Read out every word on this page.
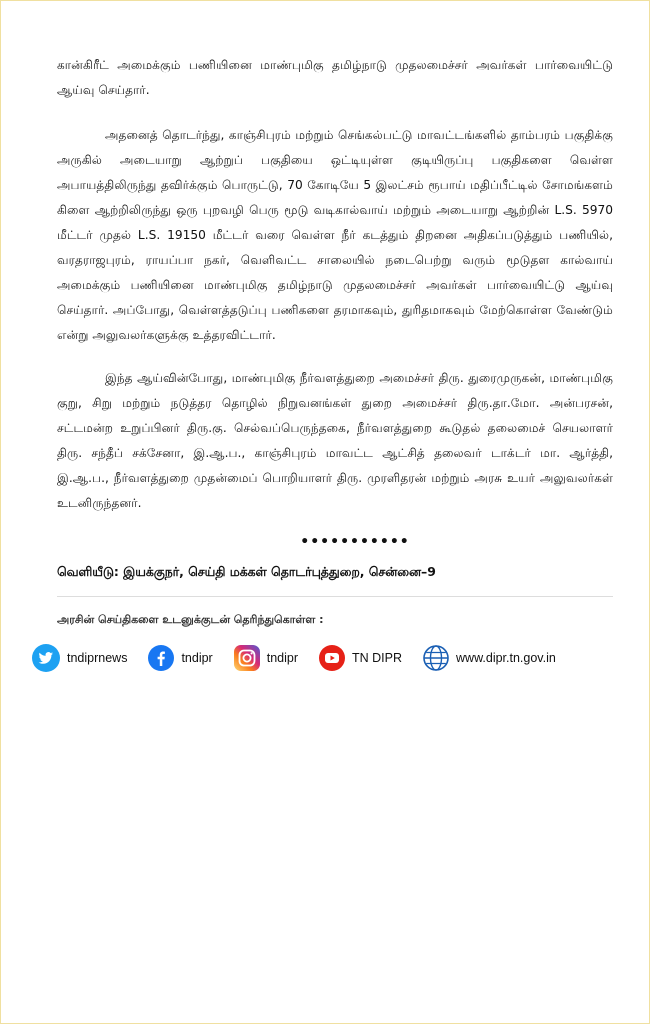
கான்கிரீட் அமைக்கும் பணியினை மாண்புமிகு தமிழ்நாடு முதலமைச்சர் அவர்கள் பார்வையிட்டு ஆய்வு செய்தார்.

அதனைத் தொடர்ந்து, காஞ்சிபுரம் மற்றும் செங்கல்பட்டு மாவட்டங்களில் தாம்பரம் பகுதிக்கு அருகில் அடையாறு ஆற்றுப் பகுதியை ஒட்டியுள்ள குடியிருப்பு பகுதிகளை வெள்ள அபாயத்திலிருந்து தவிர்க்கும் பொருட்டு, 70 கோடியே 5 இலட்சம் ரூபாய் மதிப்பீட்டில் சோமங்களம் கிளை ஆற்றிலிருந்து ஒரு புறவழி பெரு மூடு வடிகால்வாய் மற்றும் அடையாறு ஆற்றின் L.S. 5970 மீட்டர் முதல் L.S. 19150 மீட்டர் வரை வெள்ள நீர் கடத்தும் திறனை அதிகப்படுத்தும் பணியில், வரதராஜபுரம், ராயப்பா நகர், வெளிவட்ட சாலையில் நடைபெற்று வரும் மூடுதள கால்வாய் அமைக்கும் பணியினை மாண்புமிகு தமிழ்நாடு முதலமைச்சர் அவர்கள் பார்வையிட்டு ஆய்வு செய்தார். அப்போது, வெள்ளத்தடுப்பு பணிகளை தரமாகவும், துரிதமாகவும் மேற்கொள்ள வேண்டும் என்று அலுவலர்களுக்கு உத்தரவிட்டார்.

இந்த ஆய்வின்போது, மாண்புமிகு நீர்வளத்துறை அமைச்சர் திரு. துரைமுருகன், மாண்புமிகு குறு, சிறு மற்றும் நடுத்தர தொழில் நிறுவனங்கள் துறை அமைச்சர் திரு.தா.மோ. அன்பரசன், சட்டமன்ற உறுப்பினர் திரு.கு. செல்வப்பெருந்தகை, நீர்வளத்துறை கூடுதல் தலைமைச் செயலாளர் திரு. சந்தீப் சக்சேனா, இ.ஆ.ப., காஞ்சிபுரம் மாவட்ட ஆட்சித் தலைவர் டாக்டர் மா. ஆர்த்தி, இ.ஆ.ப., நீர்வளத்துறை முதன்மைப் பொறியாளர் திரு. முரளிதரன் மற்றும் அரசு உயர் அலுவலர்கள் உடனிருந்தனர்.

•••••••••••
வெளியீடு: இயக்குநர், செய்தி மக்கள் தொடர்புத்துறை, சென்னை–9
அரசின் செய்திகளை உடனுக்குடன் தெரிந்துகொள்ள :
tndiprnews	tndipr	tndipr	TN DIPR	www.dipr.tn.gov.in
